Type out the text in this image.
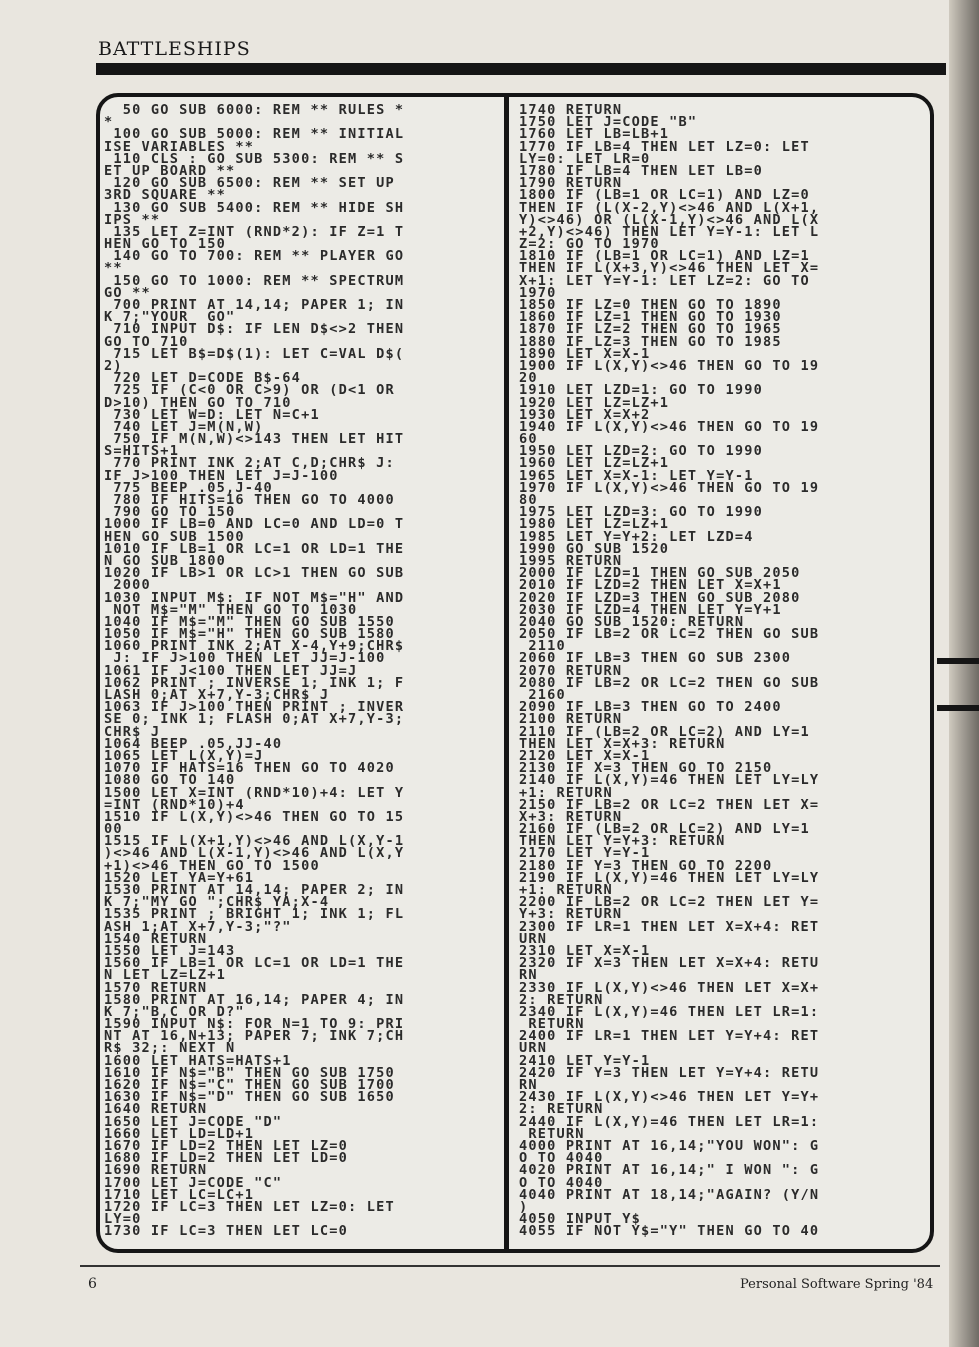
BATTLESHIPS
50 GO SUB 6000: REM ** RULES *
*
100 GO SUB 5000: REM ** INITIAL
ISE VARIABLES **
110 CLS : GO SUB 5300: REM ** S
ET UP BOARD **
120 GO SUB 6500: REM ** SET UP
3RD SQUARE **
130 GO SUB 5400: REM ** HIDE SH
IPS **
135 LET Z=INT (RND*2): IF Z=1 T
HEN GO TO 150
140 GO TO 700: REM ** PLAYER GO
**
150 GO TO 1000: REM ** SPECTRUM
GO **
700 PRINT AT 14,14; PAPER 1; IN
K 7;"YOUR  GO"
710 INPUT D$: IF LEN D$<>2 THEN
GO TO 710
715 LET B$=D$(1): LET C=VAL D$(
2)
720 LET D=CODE B$-64
725 IF (C<0 OR C>9) OR (D<1 OR
D>10) THEN GO TO 710
730 LET W=D: LET N=C+1
740 LET J=M(N,W)
750 IF M(N,W)<>143 THEN LET HIT
S=HITS+1
770 PRINT INK 2;AT C,D;CHR$ J:
IF J>100 THEN LET J=J-100
775 BEEP .05,J-40
780 IF HITS=16 THEN GO TO 4000
790 GO TO 150
1000 IF LB=0 AND LC=0 AND LD=0 T
HEN GO SUB 1500
1010 IF LB=1 OR LC=1 OR LD=1 THE
N GO SUB 1800
1020 IF LB>1 OR LC>1 THEN GO SUB
2000
1030 INPUT M$: IF NOT M$="H" AND
NOT M$="M" THEN GO TO 1030
1040 IF M$="M" THEN GO SUB 1550
1050 IF M$="H" THEN GO SUB 1580
1060 PRINT INK 2;AT X-4,Y+9;CHR$
J: IF J>100 THEN LET JJ=J-100
1061 IF J<100 THEN LET JJ=J
1062 PRINT ; INVERSE 1; INK 1; F
LASH 0;AT X+7,Y-3;CHR$ J
1063 IF J>100 THEN PRINT ; INVER
SE 0; INK 1; FLASH 0;AT X+7,Y-3;
CHR$ J
1064 BEEP .05,JJ-40
1065 LET L(X,Y)=J
1070 IF HATS=16 THEN GO TO 4020
1080 GO TO 140
1500 LET X=INT (RND*10)+4: LET Y
=INT (RND*10)+4
1510 IF L(X,Y)<>46 THEN GO TO 15
00
1515 IF L(X+1,Y)<>46 AND L(X,Y-1
)<>46 AND L(X-1,Y)<>46 AND L(X,Y
+1)<>46 THEN GO TO 1500
1520 LET YA=Y+61
1530 PRINT AT 14,14; PAPER 2; IN
K 7;"MY GO ";CHR$ YA;X-4
1535 PRINT ; BRIGHT 1; INK 1; FL
ASH 1;AT X+7,Y-3;"?"
1540 RETURN
1550 LET J=143
1560 IF LB=1 OR LC=1 OR LD=1 THE
N LET LZ=LZ+1
1570 RETURN
1580 PRINT AT 16,14; PAPER 4; IN
K 7;"B,C OR D?"
1590 INPUT N$: FOR N=1 TO 9: PRI
NT AT 16,N+13; PAPER 7; INK 7;CH
R$ 32;: NEXT N
1600 LET HATS=HATS+1
1610 IF N$="B" THEN GO SUB 1750
1620 IF N$="C" THEN GO SUB 1700
1630 IF N$="D" THEN GO SUB 1650
1640 RETURN
1650 LET J=CODE "D"
1660 LET LD=LD+1
1670 IF LD=2 THEN LET LZ=0
1680 IF LD=2 THEN LET LD=0
1690 RETURN
1700 LET J=CODE "C"
1710 LET LC=LC+1
1720 IF LC=3 THEN LET LZ=0: LET
LY=0
1730 IF LC=3 THEN LET LC=0
1740 RETURN
1750 LET J=CODE "B"
1760 LET LB=LB+1
1770 IF LB=4 THEN LET LZ=0: LET
LY=0: LET LR=0
1780 IF LB=4 THEN LET LB=0
1790 RETURN
1800 IF (LB=1 OR LC=1) AND LZ=0
THEN IF (L(X-2,Y)<>46 AND L(X+1,
Y)<>46) OR (L(X-1,Y)<>46 AND L(X
+2,Y)<>46) THEN LET Y=Y-1: LET L
Z=2: GO TO 1970
1810 IF (LB=1 OR LC=1) AND LZ=1
THEN IF L(X+3,Y)<>46 THEN LET X=
X+1: LET Y=Y-1: LET LZ=2: GO TO
1970
1850 IF LZ=0 THEN GO TO 1890
1860 IF LZ=1 THEN GO TO 1930
1870 IF LZ=2 THEN GO TO 1965
1880 IF LZ=3 THEN GO TO 1985
1890 LET X=X-1
1900 IF L(X,Y)<>46 THEN GO TO 19
20
1910 LET LZD=1: GO TO 1990
1920 LET LZ=LZ+1
1930 LET X=X+2
1940 IF L(X,Y)<>46 THEN GO TO 19
60
1950 LET LZD=2: GO TO 1990
1960 LET LZ=LZ+1
1965 LET X=X-1: LET Y=Y-1
1970 IF L(X,Y)<>46 THEN GO TO 19
80
1975 LET LZD=3: GO TO 1990
1980 LET LZ=LZ+1
1985 LET Y=Y+2: LET LZD=4
1990 GO SUB 1520
1995 RETURN
2000 IF LZD=1 THEN GO SUB 2050
2010 IF LZD=2 THEN LET X=X+1
2020 IF LZD=3 THEN GO SUB 2080
2030 IF LZD=4 THEN LET Y=Y+1
2040 GO SUB 1520: RETURN
2050 IF LB=2 OR LC=2 THEN GO SUB
2110
2060 IF LB=3 THEN GO SUB 2300
2070 RETURN
2080 IF LB=2 OR LC=2 THEN GO SUB
2160
2090 IF LB=3 THEN GO TO 2400
2100 RETURN
2110 IF (LB=2 OR LC=2) AND LY=1
THEN LET X=X+3: RETURN
2120 LET X=X-1
2130 IF X=3 THEN GO TO 2150
2140 IF L(X,Y)=46 THEN LET LY=LY
+1: RETURN
2150 IF LB=2 OR LC=2 THEN LET X=
X+3: RETURN
2160 IF (LB=2 OR LC=2) AND LY=1
THEN LET Y=Y+3: RETURN
2170 LET Y=Y-1
2180 IF Y=3 THEN GO TO 2200
2190 IF L(X,Y)=46 THEN LET LY=LY
+1: RETURN
2200 IF LB=2 OR LC=2 THEN LET Y=
Y+3: RETURN
2300 IF LR=1 THEN LET X=X+4: RET
URN
2310 LET X=X-1
2320 IF X=3 THEN LET X=X+4: RETU
RN
2330 IF L(X,Y)<>46 THEN LET X=X+
2: RETURN
2340 IF L(X,Y)=46 THEN LET LR=1:
RETURN
2400 IF LR=1 THEN LET Y=Y+4: RET
URN
2410 LET Y=Y-1
2420 IF Y=3 THEN LET Y=Y+4: RETU
RN
2430 IF L(X,Y)<>46 THEN LET Y=Y+
2: RETURN
2440 IF L(X,Y)=46 THEN LET LR=1:
RETURN
4000 PRINT AT 16,14;"YOU WON": G
O TO 4040
4020 PRINT AT 16,14;" I WON ": G
O TO 4040
4040 PRINT AT 18,14;"AGAIN? (Y/N
)
4050 INPUT Y$
4055 IF NOT Y$="Y" THEN GO TO 40
6	Personal Software Spring '84
